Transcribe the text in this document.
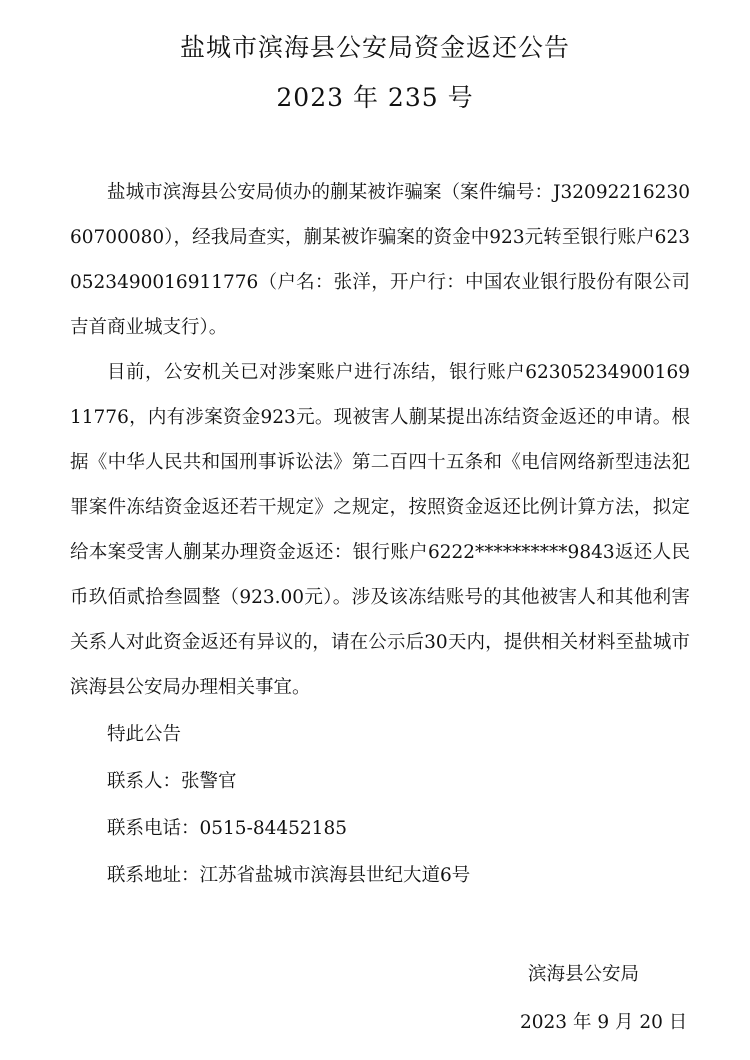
盐城市滨海县公安局资金返还公告
2023 年 235 号

盐城市滨海县公安局侦办的蒯某被诈骗案（案件编号：J3209221623060700080），经我局查实，蒯某被诈骗案的资金中923元转至银行账户6230523490016911776（户名：张洋，开户行：中国农业银行股份有限公司吉首商业城支行）。

目前，公安机关已对涉案账户进行冻结，银行账户6230523490016911776，内有涉案资金923元。现被害人蒯某提出冻结资金返还的申请。根据《中华人民共和国刑事诉讼法》第二百四十五条和《电信网络新型违法犯罪案件冻结资金返还若干规定》之规定，按照资金返还比例计算方法，拟定给本案受害人蒯某办理资金返还：银行账户6222**********9843返还人民币玖佰贰拾叁圆整（923.00元）。涉及该冻结账号的其他被害人和其他利害关系人对此资金返还有异议的，请在公示后30天内，提供相关材料至盐城市滨海县公安局办理相关事宜。

特此公告

联系人：张警官

联系电话：0515-84452185

联系地址：江苏省盐城市滨海县世纪大道6号

滨海县公安局
2023 年 9 月 20 日
